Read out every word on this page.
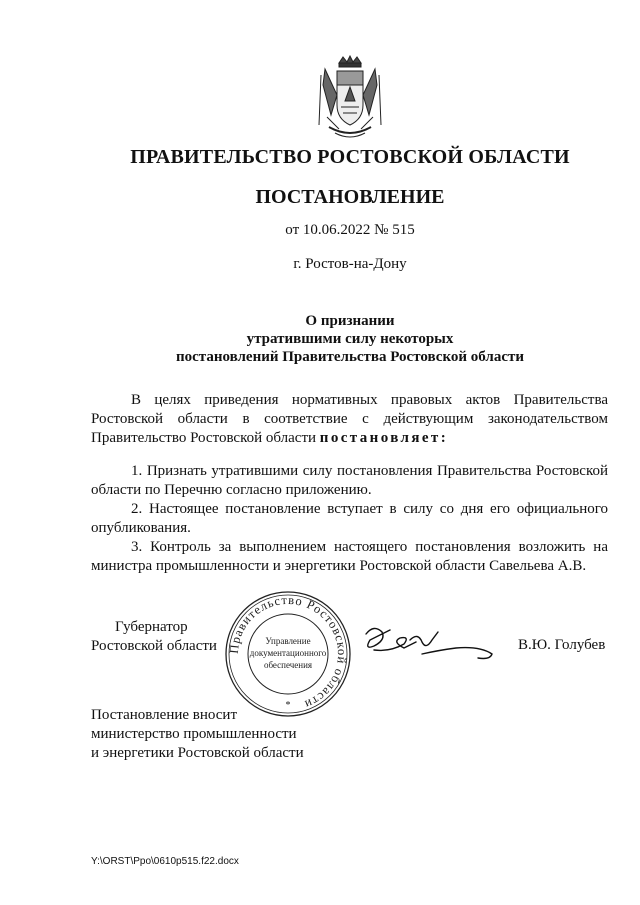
ПРАВИТЕЛЬСТВО РОСТОВСКОЙ ОБЛАСТИ
ПОСТАНОВЛЕНИЕ
от 10.06.2022 № 515
г. Ростов-на-Дону
О признании
утратившими силу некоторых
постановлений Правительства Ростовской области
В целях приведения нормативных правовых актов Правительства Ростовской области в соответствие с действующим законодательством Правительство Ростовской области постановляет:
1. Признать утратившими силу постановления Правительства Ростовской области по Перечню согласно приложению.
2. Настоящее постановление вступает в силу со дня его официального опубликования.
3. Контроль за выполнением настоящего постановления возложить на министра промышленности и энергетики Ростовской области Савельева А.В.
Губернатор
Ростовской области Правительство Ростовской области
Управление
документационного
обеспечения
*
В.Ю. Голубев
Постановление вносит
министерство промышленности
и энергетики Ростовской области
Y:\ORST\Ppo\0610p515.f22.docx
